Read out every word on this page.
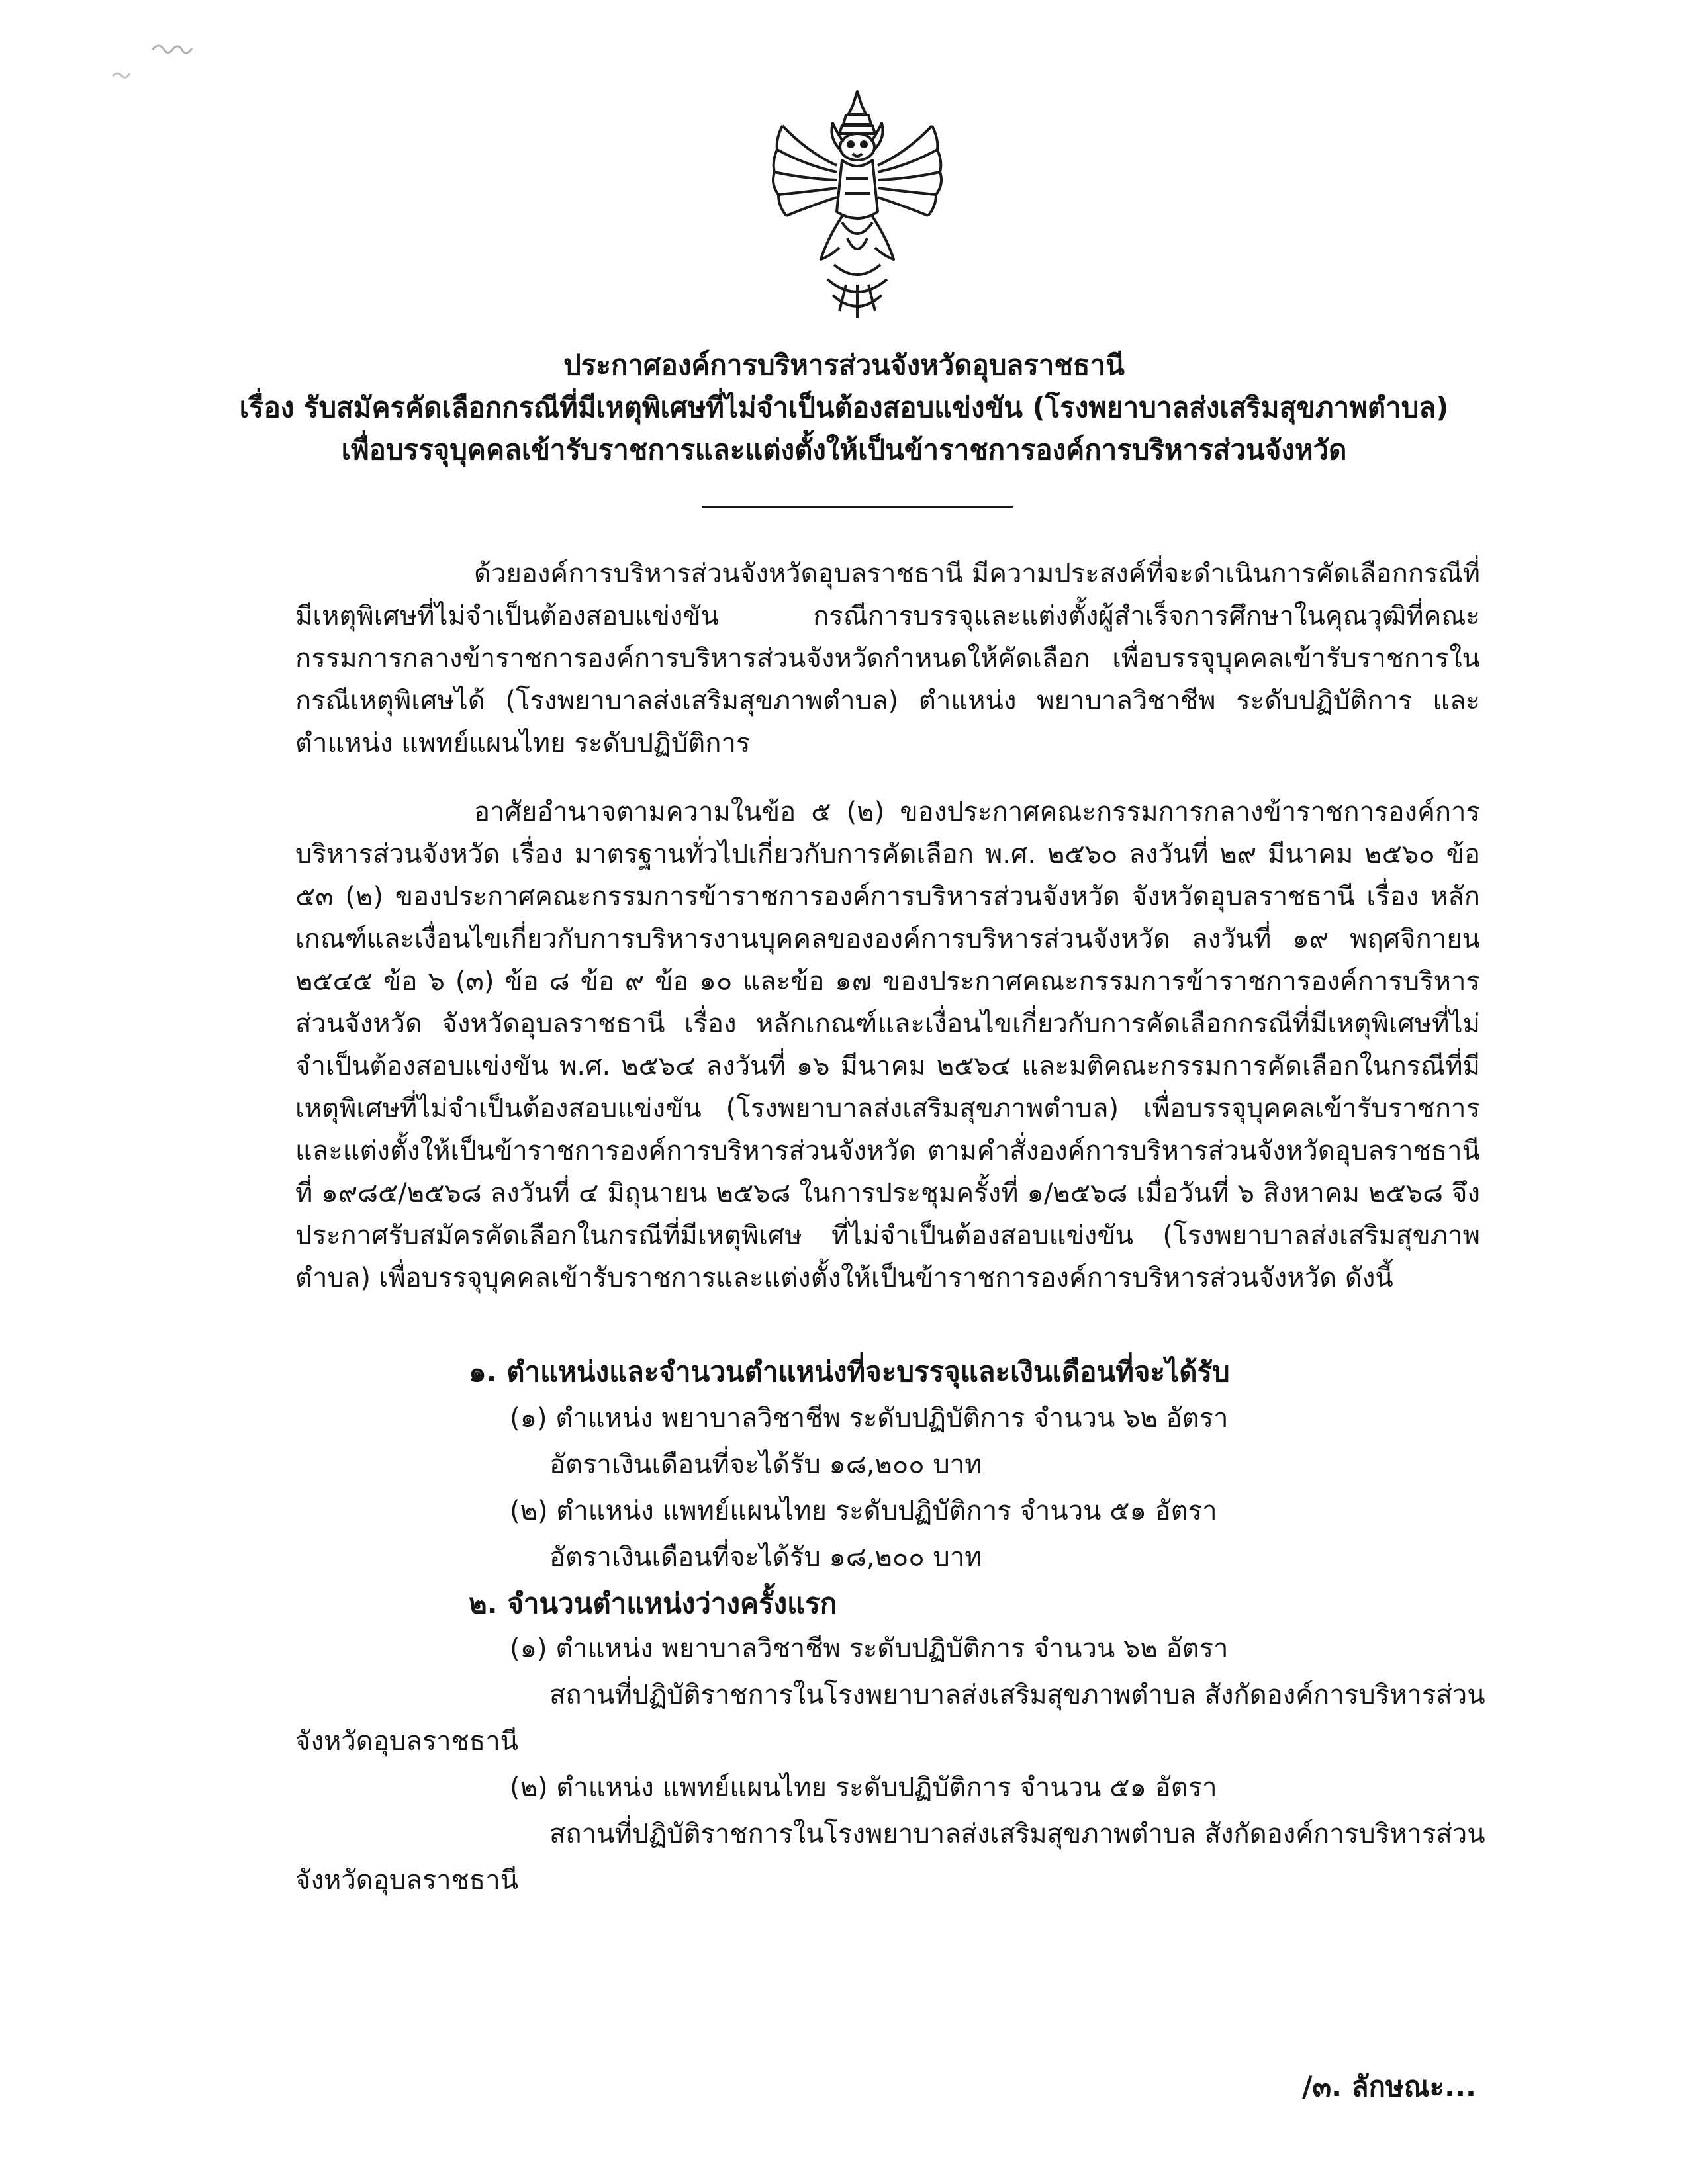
ประกาศองค์การบริหารส่วนจังหวัดอุบลราชธานี
เรื่อง รับสมัครคัดเลือกกรณีที่มีเหตุพิเศษที่ไม่จำเป็นต้องสอบแข่งขัน (โรงพยาบาลส่งเสริมสุขภาพตำบล)
เพื่อบรรจุบุคคลเข้ารับราชการและแต่งตั้งให้เป็นข้าราชการองค์การบริหารส่วนจังหวัด
ด้วยองค์การบริหารส่วนจังหวัดอุบลราชธานี มีความประสงค์ที่จะดำเนินการคัดเลือกกรณีที่มีเหตุพิเศษที่ไม่จำเป็นต้องสอบแข่งขัน กรณีการบรรจุและแต่งตั้งผู้สำเร็จการศึกษาในคุณวุฒิที่คณะกรรมการกลางข้าราชการองค์การบริหารส่วนจังหวัดกำหนดให้คัดเลือก เพื่อบรรจุบุคคลเข้ารับราชการในกรณีเหตุพิเศษได้ (โรงพยาบาลส่งเสริมสุขภาพตำบล) ตำแหน่ง พยาบาลวิชาชีพ ระดับปฏิบัติการ และ ตำแหน่ง แพทย์แผนไทย ระดับปฏิบัติการ
อาศัยอำนาจตามความในข้อ ๕ (๒) ของประกาศคณะกรรมการกลางข้าราชการองค์การบริหารส่วนจังหวัด เรื่อง มาตรฐานทั่วไปเกี่ยวกับการคัดเลือก พ.ศ. ๒๕๖๐ ลงวันที่ ๒๙ มีนาคม ๒๕๖๐ ข้อ ๕๓ (๒) ของประกาศคณะกรรมการข้าราชการองค์การบริหารส่วนจังหวัด จังหวัดอุบลราชธานี เรื่อง หลักเกณฑ์และเงื่อนไขเกี่ยวกับการบริหารงานบุคคลขององค์การบริหารส่วนจังหวัด ลงวันที่ ๑๙ พฤศจิกายน ๒๕๔๕ ข้อ ๖ (๓) ข้อ ๘ ข้อ ๙ ข้อ ๑๐ และข้อ ๑๗ ของประกาศคณะกรรมการข้าราชการองค์การบริหารส่วนจังหวัด จังหวัดอุบลราชธานี เรื่อง หลักเกณฑ์และเงื่อนไขเกี่ยวกับการคัดเลือกกรณีที่มีเหตุพิเศษที่ไม่จำเป็นต้องสอบแข่งขัน พ.ศ. ๒๕๖๔ ลงวันที่ ๑๖ มีนาคม ๒๕๖๔ และมติคณะกรรมการคัดเลือกในกรณีที่มีเหตุพิเศษที่ไม่จำเป็นต้องสอบแข่งขัน (โรงพยาบาลส่งเสริมสุขภาพตำบล) เพื่อบรรจุบุคคลเข้ารับราชการและแต่งตั้งให้เป็นข้าราชการองค์การบริหารส่วนจังหวัด ตามคำสั่งองค์การบริหารส่วนจังหวัดอุบลราชธานี ที่ ๑๙๘๕/๒๕๖๘ ลงวันที่ ๔ มิถุนายน ๒๕๖๘ ในการประชุมครั้งที่ ๑/๒๕๖๘ เมื่อวันที่ ๖ สิงหาคม ๒๕๖๘ จึงประกาศรับสมัครคัดเลือกในกรณีที่มีเหตุพิเศษ ที่ไม่จำเป็นต้องสอบแข่งขัน (โรงพยาบาลส่งเสริมสุขภาพตำบล) เพื่อบรรจุบุคคลเข้ารับราชการและแต่งตั้งให้เป็นข้าราชการองค์การบริหารส่วนจังหวัด ดังนี้
๑. ตำแหน่งและจำนวนตำแหน่งที่จะบรรจุและเงินเดือนที่จะได้รับ
(๑) ตำแหน่ง พยาบาลวิชาชีพ ระดับปฏิบัติการ จำนวน ๖๒ อัตรา
อัตราเงินเดือนที่จะได้รับ ๑๘,๒๐๐ บาท
(๒) ตำแหน่ง แพทย์แผนไทย ระดับปฏิบัติการ จำนวน ๕๑ อัตรา
อัตราเงินเดือนที่จะได้รับ ๑๘,๒๐๐ บาท
๒. จำนวนตำแหน่งว่างครั้งแรก
(๑) ตำแหน่ง พยาบาลวิชาชีพ ระดับปฏิบัติการ จำนวน ๖๒ อัตรา
สถานที่ปฏิบัติราชการในโรงพยาบาลส่งเสริมสุขภาพตำบล สังกัดองค์การบริหารส่วน
จังหวัดอุบลราชธานี
(๒) ตำแหน่ง แพทย์แผนไทย ระดับปฏิบัติการ จำนวน ๕๑ อัตรา
สถานที่ปฏิบัติราชการในโรงพยาบาลส่งเสริมสุขภาพตำบล สังกัดองค์การบริหารส่วน
จังหวัดอุบลราชธานี
/๓. ลักษณะ...
